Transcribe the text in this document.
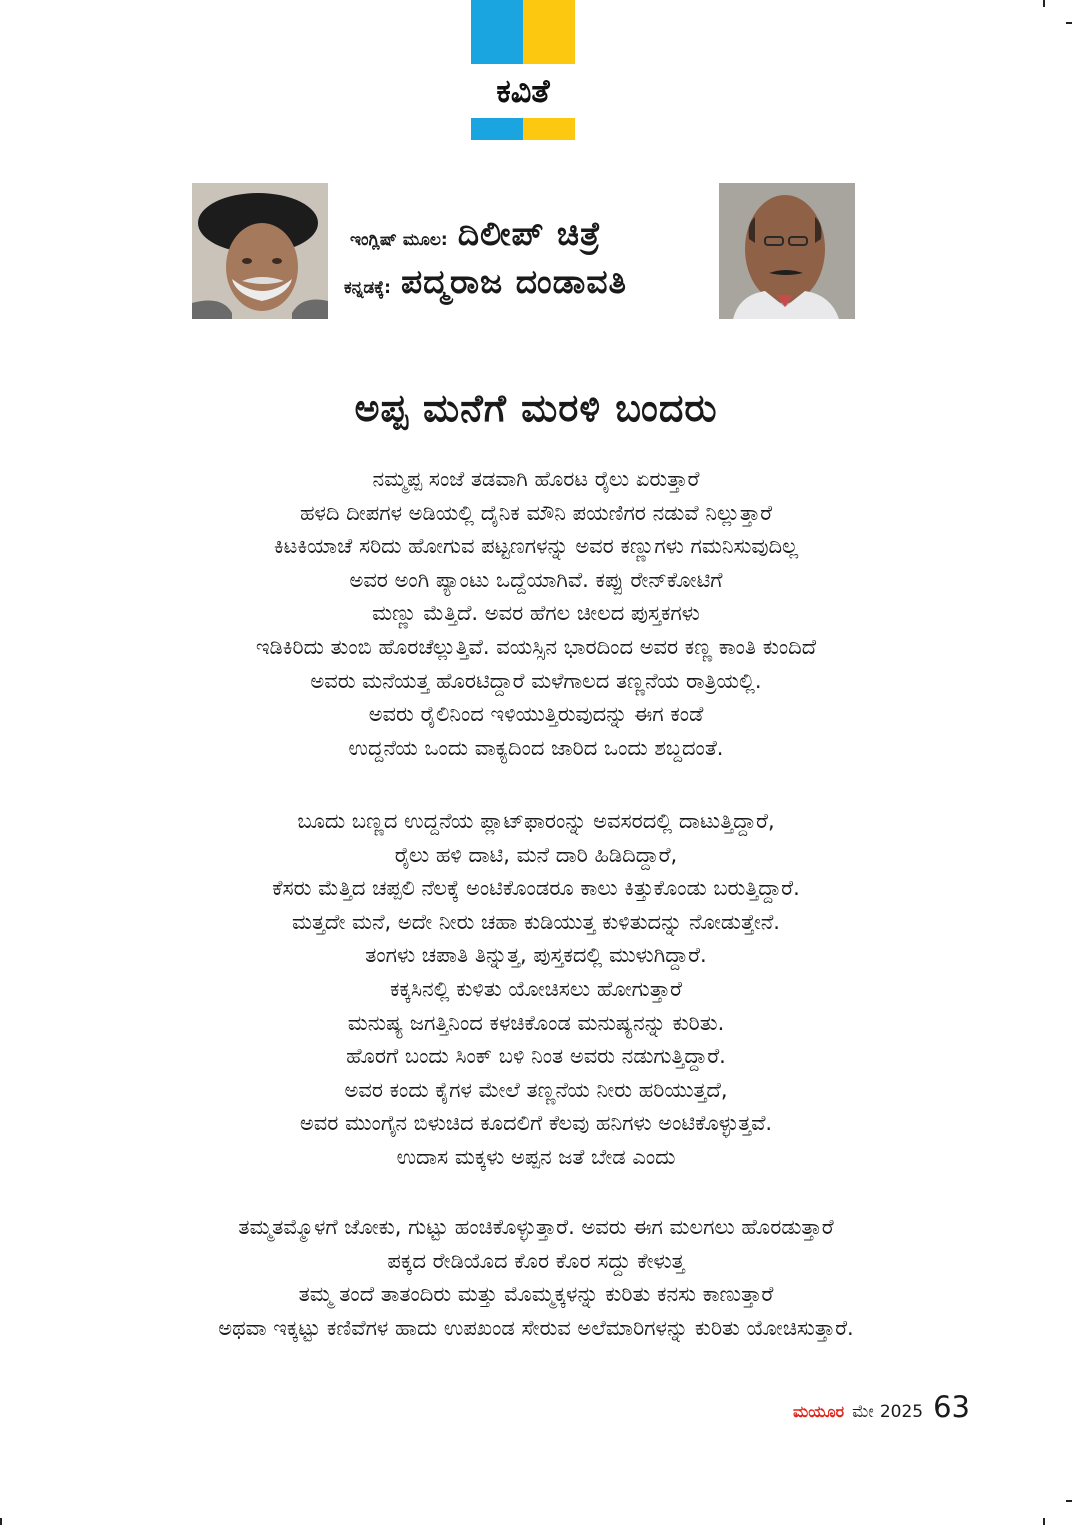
ಕವಿತೆ
ಇಂಗ್ಲಿಷ್ ಮೂಲ: ದಿಲೀಪ್ ಚಿತ್ರೆ
ಕನ್ನಡಕ್ಕೆ: ಪದ್ಮರಾಜ ದಂಡಾವತಿ
ಅಪ್ಪ ಮನೆಗೆ ಮರಳಿ ಬಂದರು
ನಮ್ಮಪ್ಪ ಸಂಜೆ ತಡವಾಗಿ ಹೊರಟ ರೈಲು ಏರುತ್ತಾರೆ
ಹಳದಿ ದೀಪಗಳ ಅಡಿಯಲ್ಲಿ ದೈನಿಕ ಮೌನಿ ಪಯಣಿಗರ ನಡುವೆ ನಿಲ್ಲುತ್ತಾರೆ
ಕಿಟಕಿಯಾಚೆ ಸರಿದು ಹೋಗುವ ಪಟ್ಟಣಗಳನ್ನು ಅವರ ಕಣ್ಣುಗಳು ಗಮನಿಸುವುದಿಲ್ಲ
ಅವರ ಅಂಗಿ ಪ್ಯಾಂಟು ಒದ್ದೆಯಾಗಿವೆ. ಕಪ್ಪು ರೇನ್‌ಕೋಟಿಗೆ
ಮಣ್ಣು ಮೆತ್ತಿದೆ. ಅವರ ಹೆಗಲ ಚೀಲದ ಪುಸ್ತಕಗಳು
ಇಡಿಕಿರಿದು ತುಂಬಿ ಹೊರಚೆಲ್ಲುತ್ತಿವೆ. ವಯಸ್ಸಿನ ಭಾರದಿಂದ ಅವರ ಕಣ್ಣ ಕಾಂತಿ ಕುಂದಿದೆ
ಅವರು ಮನೆಯತ್ತ ಹೊರಟಿದ್ದಾರೆ ಮಳೆಗಾಲದ ತಣ್ಣನೆಯ ರಾತ್ರಿಯಲ್ಲಿ.
ಅವರು ರೈಲಿನಿಂದ ಇಳಿಯುತ್ತಿರುವುದನ್ನು ಈಗ ಕಂಡೆ
ಉದ್ದನೆಯ ಒಂದು ವಾಕ್ಯದಿಂದ ಜಾರಿದ ಒಂದು ಶಬ್ದದಂತೆ.
ಬೂದು ಬಣ್ಣದ ಉದ್ದನೆಯ ಪ್ಲಾಟ್‌ಫಾರಂನ್ನು ಅವಸರದಲ್ಲಿ ದಾಟುತ್ತಿದ್ದಾರೆ,
ರೈಲು ಹಳಿ ದಾಟಿ, ಮನೆ ದಾರಿ ಹಿಡಿದಿದ್ದಾರೆ,
ಕೆಸರು ಮೆತ್ತಿದ ಚಪ್ಪಲಿ ನೆಲಕ್ಕೆ ಅಂಟಿಕೊಂಡರೂ ಕಾಲು ಕಿತ್ತುಕೊಂಡು ಬರುತ್ತಿದ್ದಾರೆ.
ಮತ್ತದೇ ಮನೆ, ಅದೇ ನೀರು ಚಹಾ ಕುಡಿಯುತ್ತ ಕುಳಿತುದನ್ನು ನೋಡುತ್ತೇನೆ.
ತಂಗಳು ಚಪಾತಿ ತಿನ್ನುತ್ತ, ಪುಸ್ತಕದಲ್ಲಿ ಮುಳುಗಿದ್ದಾರೆ.
ಕಕ್ಕಸಿನಲ್ಲಿ ಕುಳಿತು ಯೋಚಿಸಲು ಹೋಗುತ್ತಾರೆ
ಮನುಷ್ಯ ಜಗತ್ತಿನಿಂದ ಕಳಚಿಕೊಂಡ ಮನುಷ್ಯನನ್ನು ಕುರಿತು.
ಹೊರಗೆ ಬಂದು ಸಿಂಕ್ ಬಳಿ ನಿಂತ ಅವರು ನಡುಗುತ್ತಿದ್ದಾರೆ.
ಅವರ ಕಂದು ಕೈಗಳ ಮೇಲೆ ತಣ್ಣನೆಯ ನೀರು ಹರಿಯುತ್ತದೆ,
ಅವರ ಮುಂಗೈನ ಬಿಳುಚಿದ ಕೂದಲಿಗೆ ಕೆಲವು ಹನಿಗಳು ಅಂಟಿಕೊಳ್ಳುತ್ತವೆ.
ಉದಾಸ ಮಕ್ಕಳು ಅಪ್ಪನ ಜತೆ ಬೇಡ ಎಂದು
ತಮ್ಮತಮ್ಮೊಳಗೆ ಜೋಕು, ಗುಟ್ಟು ಹಂಚಿಕೊಳ್ಳುತ್ತಾರೆ. ಅವರು ಈಗ ಮಲಗಲು ಹೊರಡುತ್ತಾರೆ
ಪಕ್ಕದ ರೇಡಿಯೊದ ಕೊರ ಕೊರ ಸದ್ದು ಕೇಳುತ್ತ
ತಮ್ಮ ತಂದೆ ತಾತಂದಿರು ಮತ್ತು ಮೊಮ್ಮಕ್ಕಳನ್ನು ಕುರಿತು ಕನಸು ಕಾಣುತ್ತಾರೆ
ಅಥವಾ ಇಕ್ಕಟ್ಟು ಕಣಿವೆಗಳ ಹಾದು ಉಪಖಂಡ ಸೇರುವ ಅಲೆಮಾರಿಗಳನ್ನು ಕುರಿತು ಯೋಚಿಸುತ್ತಾರೆ.
ಮಯೂರ ಮೇ 2025 63
